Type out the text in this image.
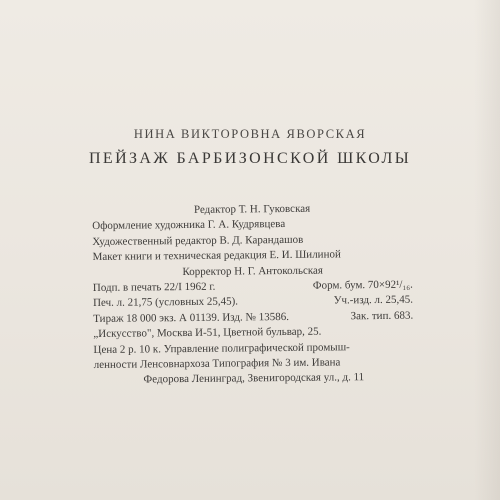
НИНА ВИКТОРОВНА ЯВОРСКАЯ
ПЕЙЗАЖ БАРБИЗОНСКОЙ ШКОЛЫ
Редактор Т. Н. Гуковская
Оформление художника Г. А. Кудрявцева
Художественный редактор В. Д. Карандашов
Макет книги и техническая редакция Е. И. Шилиной
Корректор Н. Г. Антокольская
Подп. в печать 22/I 1962 г.	Форм. бум. 70×92¹/₁₆.
Печ. л. 21,75 (условных 25,45).	Уч.-изд. л. 25,45.
Тираж 18 000 экз. А 01139. Изд. № 13586.	Зак. тип. 683.
„Искусство", Москва И-51, Цветной бульвар, 25.
Цена 2 р. 10 к. Управление полиграфической промыш-
ленности Ленсовнархоза Типография № 3 им. Ивана
Федорова Ленинград, Звенигородская ул., д. 11
